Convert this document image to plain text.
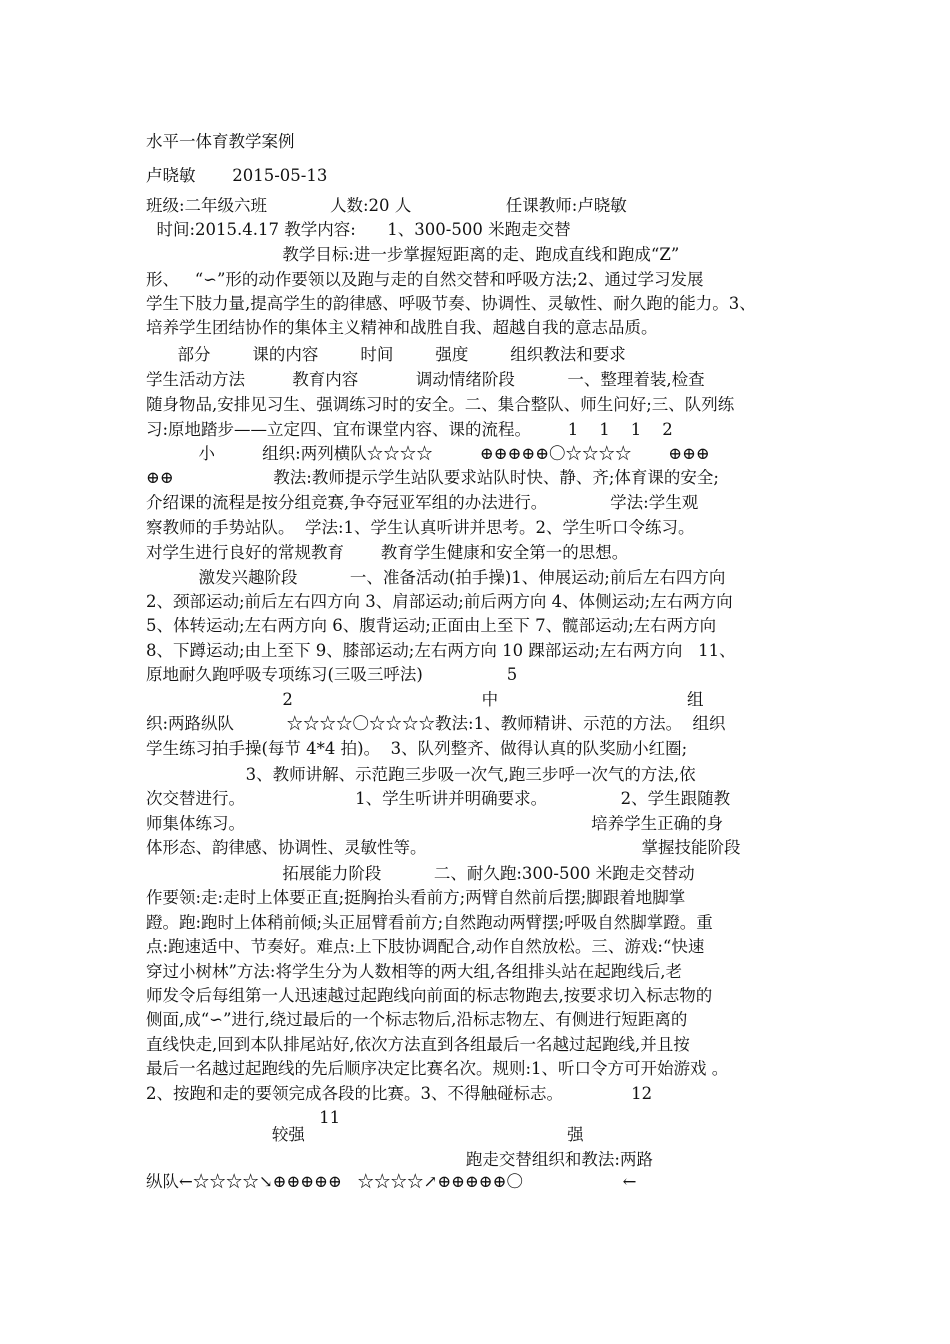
水平一体育教学案例
卢晓敏       2015-05-13
班级:二年级六班            人数:20 人                  任课教师:卢晓敏
时间:2015.4.17 教学内容:      1、300-500 米跑走交替
教学目标:进一步掌握短距离的走、跑成直线和跑成“Z”
形、   “∽”形的动作要领以及跑与走的自然交替和呼吸方法;2、通过学习发展
学生下肢力量,提高学生的韵律感、呼吸节奏、协调性、灵敏性、耐久跑的能力。3、
培养学生团结协作的集体主义精神和战胜自我、超越自我的意志品质。
部分        课的内容        时间        强度        组织教法和要求
学生活动方法         教育内容           调动情绪阶段          一、整理着装,检查
随身物品,安排见习生、强调练习时的安全。二、集合整队、师生问好;三、队列练
习:原地踏步——立定四、宜布课堂内容、课的流程。       1    1    1    2
小         组织:两列横队☆☆☆☆         ⊕⊕⊕⊕⊕〇☆☆☆☆       ⊕⊕⊕
⊕⊕                   教法:教师提示学生站队要求站队时快、静、齐;体育课的安全;
介绍课的流程是按分组竞赛,争夺冠亚军组的办法进行。            学法:学生观
察教师的手势站队。  学法:1、学生认真听讲并思考。2、学生听口令练习。
对学生进行良好的常规教育       教育学生健康和安全第一的思想。
激发兴趣阶段          一、准备活动(拍手操)1、伸展运动;前后左右四方向
2、颈部运动;前后左右四方向 3、肩部运动;前后两方向 4、体侧运动;左右两方向
5、体转运动;左右两方向 6、腹背运动;正面由上至下 7、髋部运动;左右两方向
8、下蹲运动;由上至下 9、膝部运动;左右两方向 10 踝部运动;左右两方向   11、
原地耐久跑呼吸专项练习(三吸三呼法)                5
2                                    中                                    组
织:两路纵队          ☆☆☆☆〇☆☆☆☆教法:1、教师精讲、示范的方法。  组织
学生练习拍手操(每节 4*4 拍)。  3、队列整齐、做得认真的队奖励小红圈;
3、教师讲解、示范跑三步吸一次气,跑三步呼一次气的方法,依
次交替进行。                     1、学生听讲并明确要求。              2、学生跟随教
师集体练习。                                                                  培养学生正确的身
体形态、韵律感、协调性、灵敏性等。                                         掌握技能阶段
拓展能力阶段          二、耐久跑:300-500 米跑走交替动
作要领:走:走时上体要正直;挺胸抬头看前方;两臂自然前后摆;脚跟着地脚掌
蹬。跑:跑时上体稍前倾;头正屈臂看前方;自然跑动两臂摆;呼吸自然脚掌蹬。重
点:跑速适中、节奏好。难点:上下肢协调配合,动作自然放松。三、游戏:“快速
穿过小树林”方法:将学生分为人数相等的两大组,各组排头站在起跑线后,老
师发令后每组第一人迅速越过起跑线向前面的标志物跑去,按要求切入标志物的
侧面,成“∽”进行,绕过最后的一个标志物后,沿标志物左、有侧进行短距离的
直线快走,回到本队排尾站好,依次方法直到各组最后一名越过起跑线,并且按
最后一名越过起跑线的先后顺序决定比赛名次。规则:1、听口令方可开始游戏 。
2、按跑和走的要领完成各段的比赛。3、不得触碰标志。             12
11
较强                                                  强
跑走交替组织和教法:两路
纵队←☆☆☆☆↘⊕⊕⊕⊕⊕   ☆☆☆☆↗⊕⊕⊕⊕⊕〇                   ←
